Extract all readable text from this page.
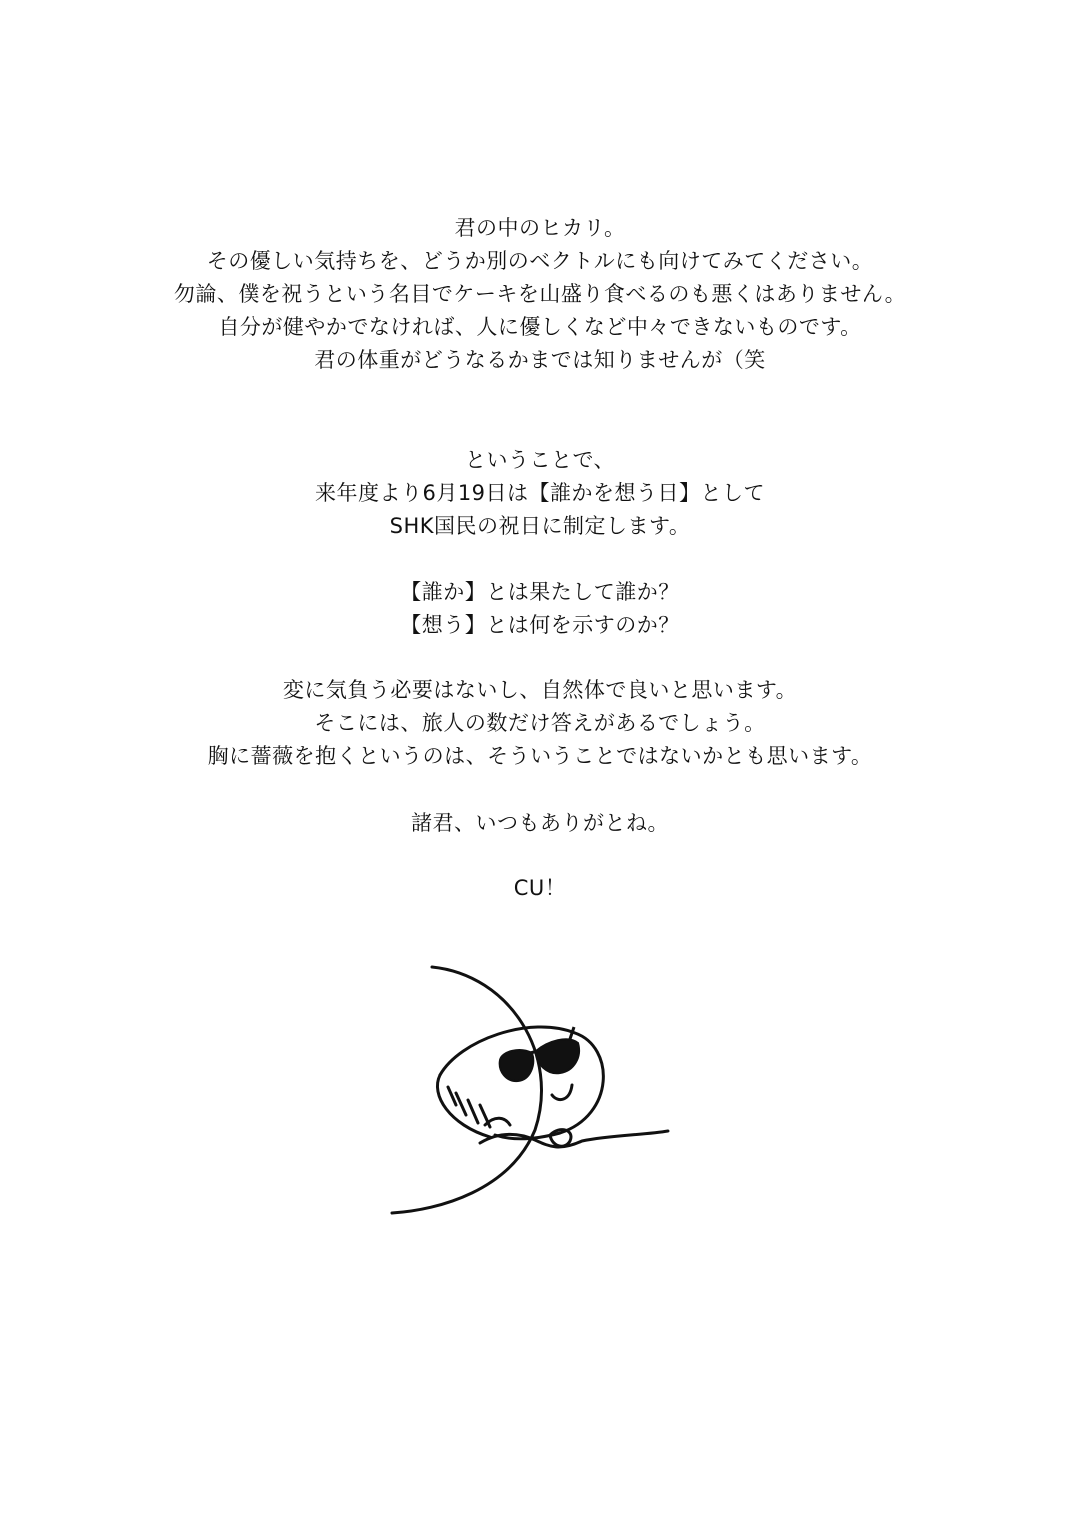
君の中のヒカリ。
その優しい気持ちを、どうか別のベクトルにも向けてみてください。
勿論、僕を祝うという名目でケーキを山盛り食べるのも悪くはありません。
自分が健やかでなければ、人に優しくなど中々できないものです。
君の体重がどうなるかまでは知りませんが（笑
ということで、
来年度より6月19日は【誰かを想う日】として
SHK国民の祝日に制定します。
【誰か】とは果たして誰か？
【想う】とは何を示すのか？
変に気負う必要はないし、自然体で良いと思います。
そこには、旅人の数だけ答えがあるでしょう。
胸に薔薇を抱くというのは、そういうことではないかとも思います。
諸君、いつもありがとね。
CU！
